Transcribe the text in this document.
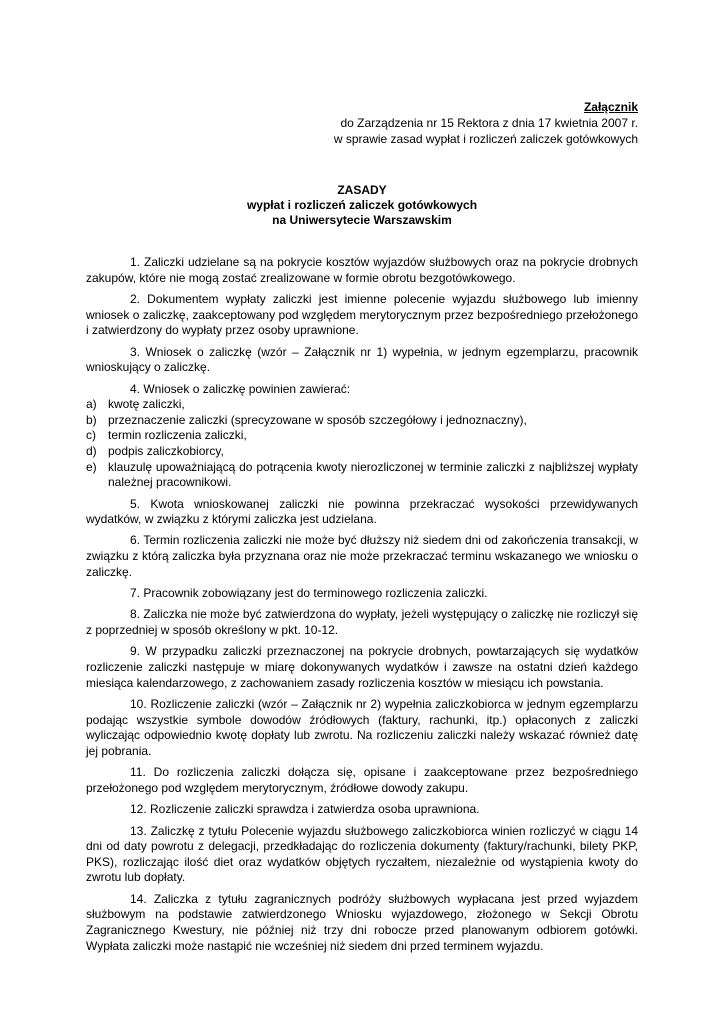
Załącznik
do Zarządzenia nr 15 Rektora z dnia 17 kwietnia 2007 r.
w sprawie zasad wypłat i rozliczeń zaliczek gotówkowych
ZASADY
wypłat i rozliczeń zaliczek gotówkowych
na Uniwersytecie Warszawskim

1. Zaliczki udzielane są na pokrycie kosztów wyjazdów służbowych oraz na pokrycie drobnych zakupów, które nie mogą zostać zrealizowane w formie obrotu bezgotówkowego.

2. Dokumentem wypłaty zaliczki jest imienne polecenie wyjazdu służbowego lub imienny wniosek o zaliczkę, zaakceptowany pod względem merytorycznym przez bezpośredniego przełożonego i zatwierdzony do wypłaty przez osoby uprawnione.

3. Wniosek o zaliczkę (wzór – Załącznik nr 1) wypełnia, w jednym egzemplarzu, pracownik wnioskujący o zaliczkę.

4. Wniosek o zaliczkę powinien zawierać:

a) kwotę zaliczki,
b) przeznaczenie zaliczki (sprecyzowane w sposób szczegółowy i jednoznaczny),
c) termin rozliczenia zaliczki,
d) podpis zaliczkobiorcy,
e) klauzulę upoważniającą do potrącenia kwoty nierozliczonej w terminie zaliczki z najbliższej wypłaty należnej pracownikowi.

5. Kwota wnioskowanej zaliczki nie powinna przekraczać wysokości przewidywanych wydatków, w związku z którymi zaliczka jest udzielana.

6. Termin rozliczenia zaliczki nie może być dłuższy niż siedem dni od zakończenia transakcji, w związku z którą zaliczka była przyznana oraz nie może przekraczać terminu wskazanego we wniosku o zaliczkę.

7. Pracownik zobowiązany jest do terminowego rozliczenia zaliczki.

8. Zaliczka nie może być zatwierdzona do wypłaty, jeżeli występujący o zaliczkę nie rozliczył się z poprzedniej w sposób określony w pkt. 10-12.

9. W przypadku zaliczki przeznaczonej na pokrycie drobnych, powtarzających się wydatków rozliczenie zaliczki następuje w miarę dokonywanych wydatków i zawsze na ostatni dzień każdego miesiąca kalendarzowego, z zachowaniem zasady rozliczenia kosztów w miesiącu ich powstania.

10. Rozliczenie zaliczki (wzór – Załącznik nr 2) wypełnia zaliczkobiorca w jednym egzemplarzu podając wszystkie symbole dowodów źródłowych (faktury, rachunki, itp.) opłaconych z zaliczki wyliczając odpowiednio kwotę dopłaty lub zwrotu. Na rozliczeniu zaliczki należy wskazać również datę jej pobrania.

11. Do rozliczenia zaliczki dołącza się, opisane i zaakceptowane przez bezpośredniego przełożonego pod względem merytorycznym, źródłowe dowody zakupu.

12. Rozliczenie zaliczki sprawdza i zatwierdza osoba uprawniona.

13. Zaliczkę z tytułu Polecenie wyjazdu służbowego zaliczkobiorca winien rozliczyć w ciągu 14 dni od daty powrotu z delegacji, przedkładając do rozliczenia dokumenty (faktury/rachunki, bilety PKP, PKS), rozliczając ilość diet oraz wydatków objętych ryczałtem, niezależnie od wystąpienia kwoty do zwrotu lub dopłaty.

14. Zaliczka z tytułu zagranicznych podróży służbowych wypłacana jest przed wyjazdem służbowym na podstawie zatwierdzonego Wniosku wyjazdowego, złożonego w Sekcji Obrotu Zagranicznego Kwestury, nie później niż trzy dni robocze przed planowanym odbiorem gotówki. Wypłata zaliczki może nastąpić nie wcześniej niż siedem dni przed terminem wyjazdu.
